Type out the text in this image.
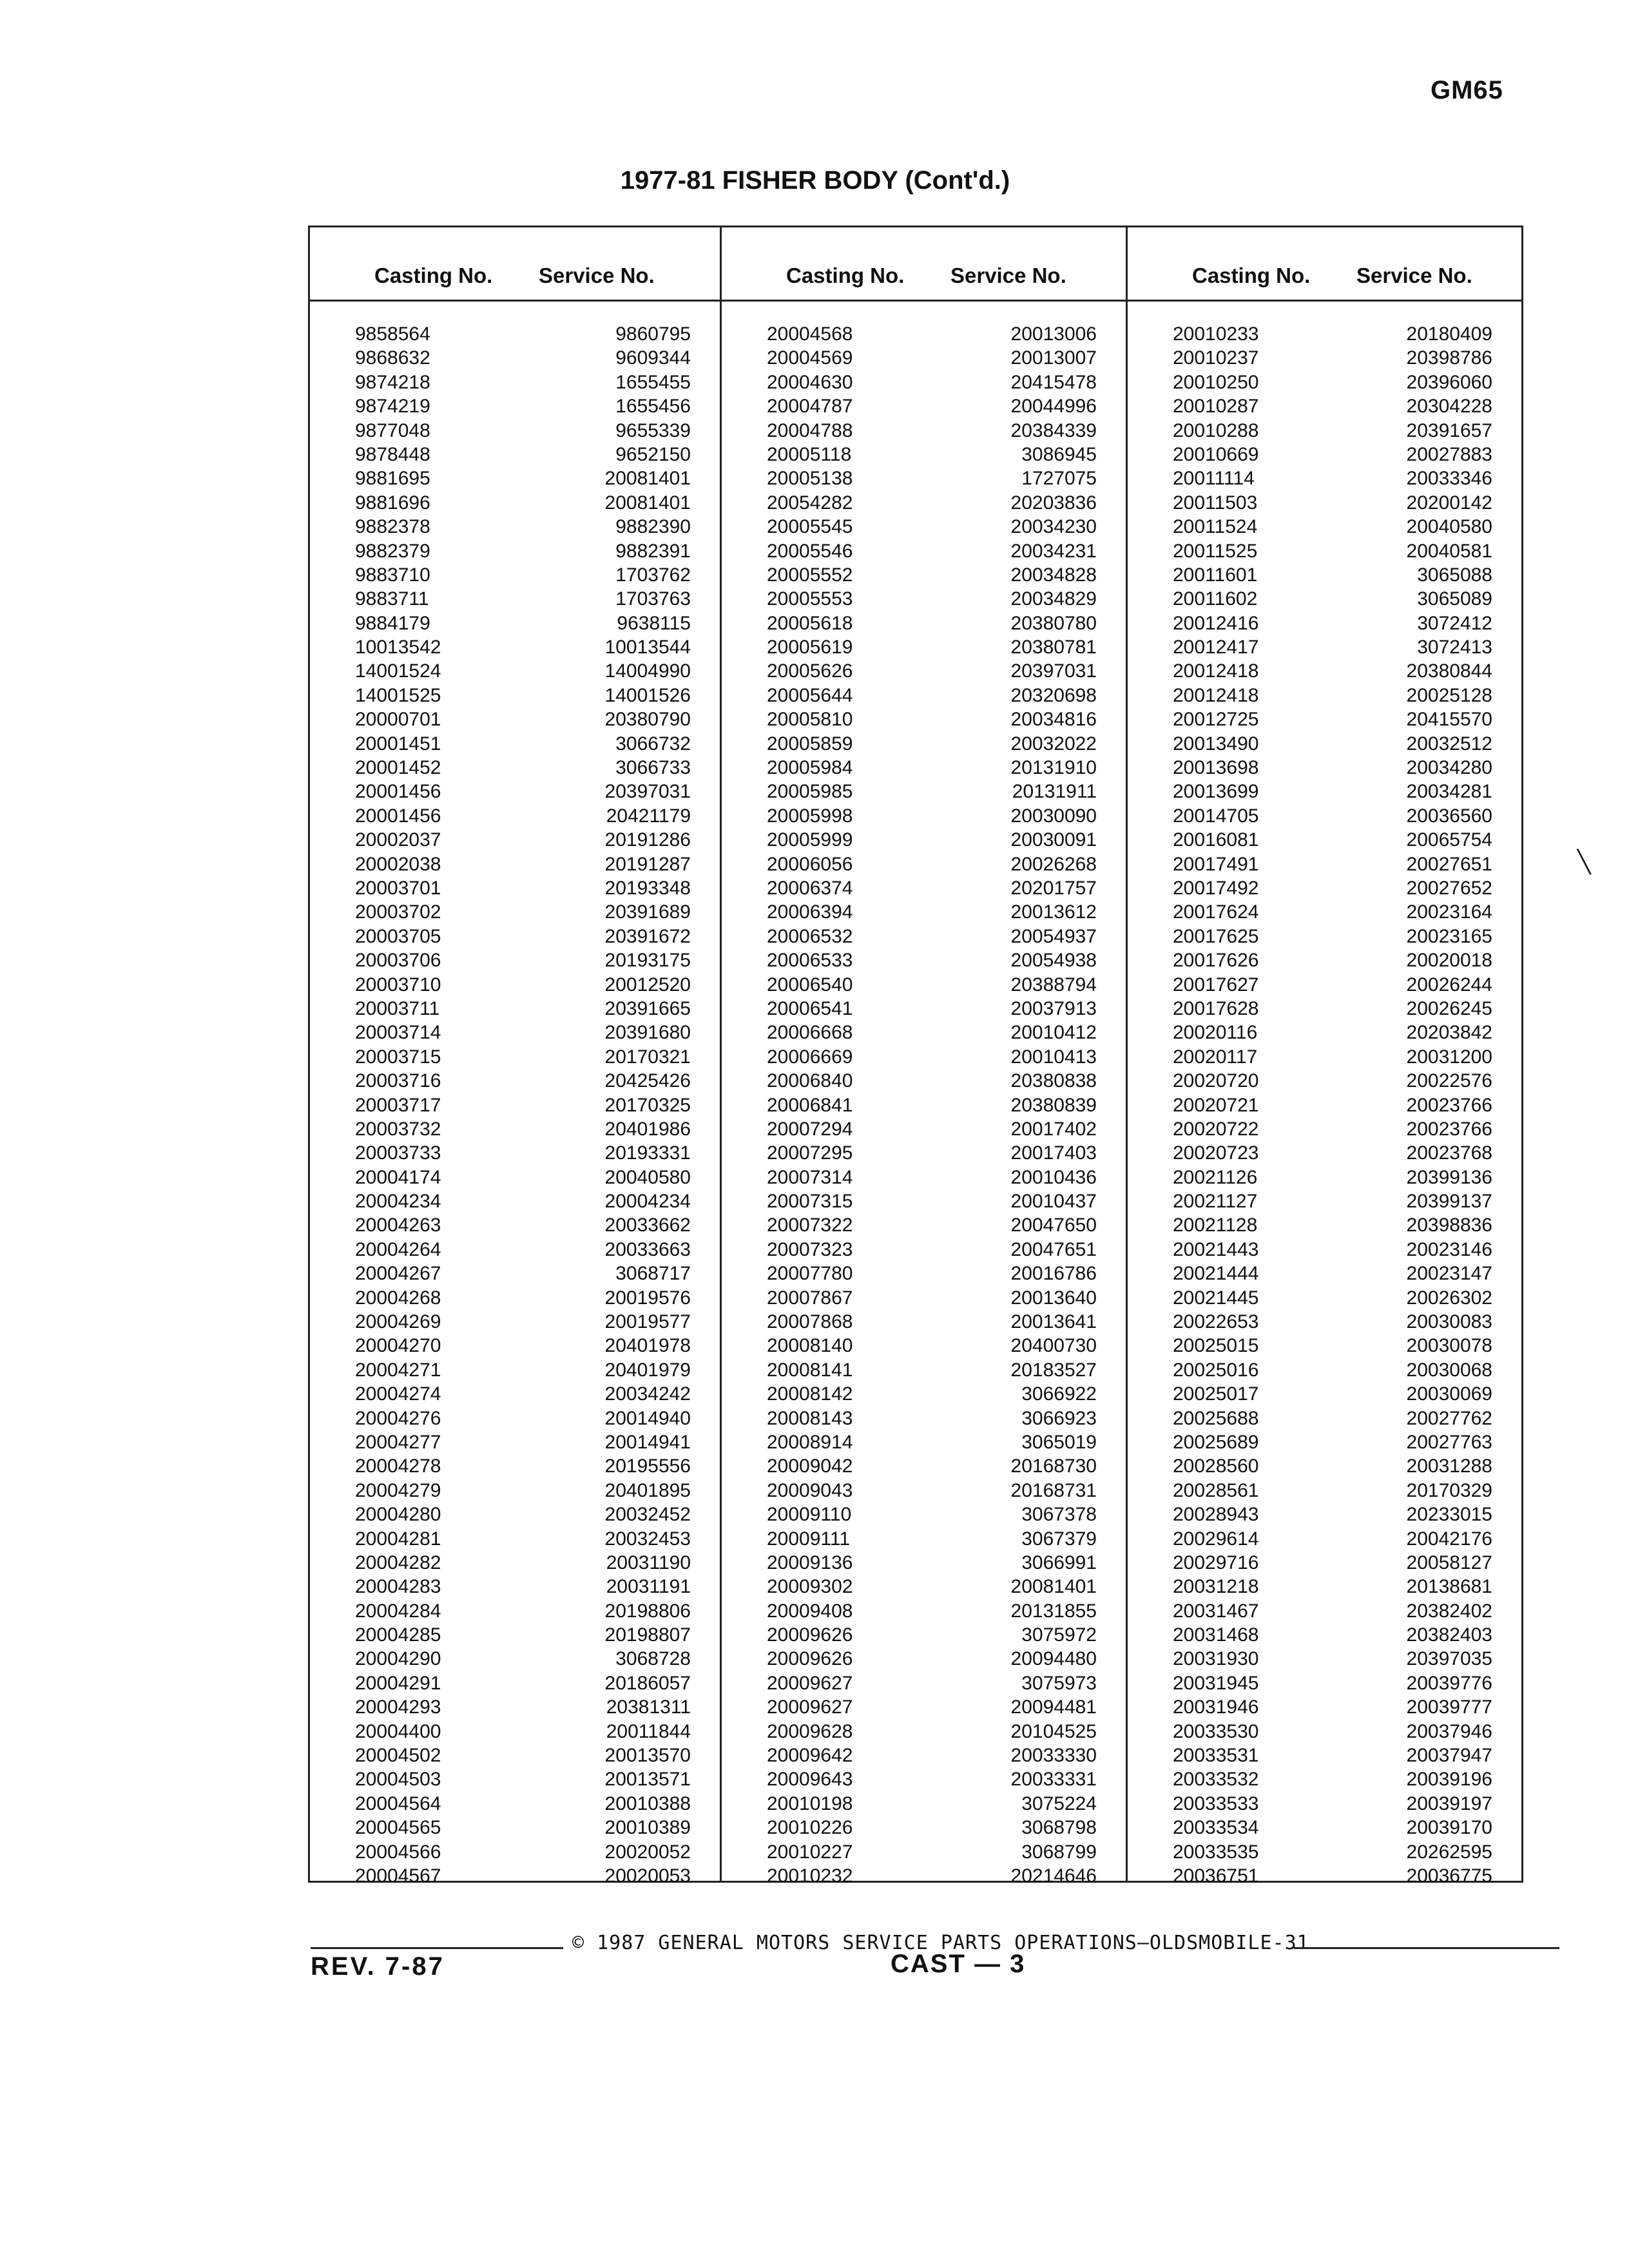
GM65
1977-81 FISHER BODY (Cont'd.)
Casting No. Service No.
9858564	9860795
9868632	9609344
9874218	1655455
9874219	1655456
9877048	9655339
9878448	9652150
9881695	20081401
9881696	20081401
9882378	9882390
9882379	9882391
9883710	1703762
9883711	1703763
9884179	9638115
10013542	10013544
14001524	14004990
14001525	14001526
20000701	20380790
20001451	3066732
20001452	3066733
20001456	20397031
20001456	20421179
20002037	20191286
20002038	20191287
20003701	20193348
20003702	20391689
20003705	20391672
20003706	20193175
20003710	20012520
20003711	20391665
20003714	20391680
20003715	20170321
20003716	20425426
20003717	20170325
20003732	20401986
20003733	20193331
20004174	20040580
20004234	20004234
20004263	20033662
20004264	20033663
20004267	3068717
20004268	20019576
20004269	20019577
20004270	20401978
20004271	20401979
20004274	20034242
20004276	20014940
20004277	20014941
20004278	20195556
20004279	20401895
20004280	20032452
20004281	20032453
20004282	20031190
20004283	20031191
20004284	20198806
20004285	20198807
20004290	3068728
20004291	20186057
20004293	20381311
20004400	20011844
20004502	20013570
20004503	20013571
20004564	20010388
20004565	20010389
20004566	20020052
20004567	20020053
Casting No. Service No.
20004568	20013006
20004569	20013007
20004630	20415478
20004787	20044996
20004788	20384339
20005118	3086945
20005138	1727075
20054282	20203836
20005545	20034230
20005546	20034231
20005552	20034828
20005553	20034829
20005618	20380780
20005619	20380781
20005626	20397031
20005644	20320698
20005810	20034816
20005859	20032022
20005984	20131910
20005985	20131911
20005998	20030090
20005999	20030091
20006056	20026268
20006374	20201757
20006394	20013612
20006532	20054937
20006533	20054938
20006540	20388794
20006541	20037913
20006668	20010412
20006669	20010413
20006840	20380838
20006841	20380839
20007294	20017402
20007295	20017403
20007314	20010436
20007315	20010437
20007322	20047650
20007323	20047651
20007780	20016786
20007867	20013640
20007868	20013641
20008140	20400730
20008141	20183527
20008142	3066922
20008143	3066923
20008914	3065019
20009042	20168730
20009043	20168731
20009110	3067378
20009111	3067379
20009136	3066991
20009302	20081401
20009408	20131855
20009626	3075972
20009626	20094480
20009627	3075973
20009627	20094481
20009628	20104525
20009642	20033330
20009643	20033331
20010198	3075224
20010226	3068798
20010227	3068799
20010232	20214646
Casting No. Service No.
20010233	20180409
20010237	20398786
20010250	20396060
20010287	20304228
20010288	20391657
20010669	20027883
20011114	20033346
20011503	20200142
20011524	20040580
20011525	20040581
20011601	3065088
20011602	3065089
20012416	3072412
20012417	3072413
20012418	20380844
20012418	20025128
20012725	20415570
20013490	20032512
20013698	20034280
20013699	20034281
20014705	20036560
20016081	20065754
20017491	20027651
20017492	20027652
20017624	20023164
20017625	20023165
20017626	20020018
20017627	20026244
20017628	20026245
20020116	20203842
20020117	20031200
20020720	20022576
20020721	20023766
20020722	20023766
20020723	20023768
20021126	20399136
20021127	20399137
20021128	20398836
20021443	20023146
20021444	20023147
20021445	20026302
20022653	20030083
20025015	20030078
20025016	20030068
20025017	20030069
20025688	20027762
20025689	20027763
20028560	20031288
20028561	20170329
20028943	20233015
20029614	20042176
20029716	20058127
20031218	20138681
20031467	20382402
20031468	20382403
20031930	20397035
20031945	20039776
20031946	20039777
20033530	20037946
20033531	20037947
20033532	20039196
20033533	20039197
20033534	20039170
20033535	20262595
20036751	20036775
╲
© 1987 GENERAL MOTORS SERVICE PARTS OPERATIONS—OLDSMOBILE-31
REV. 7-87	CAST — 3
